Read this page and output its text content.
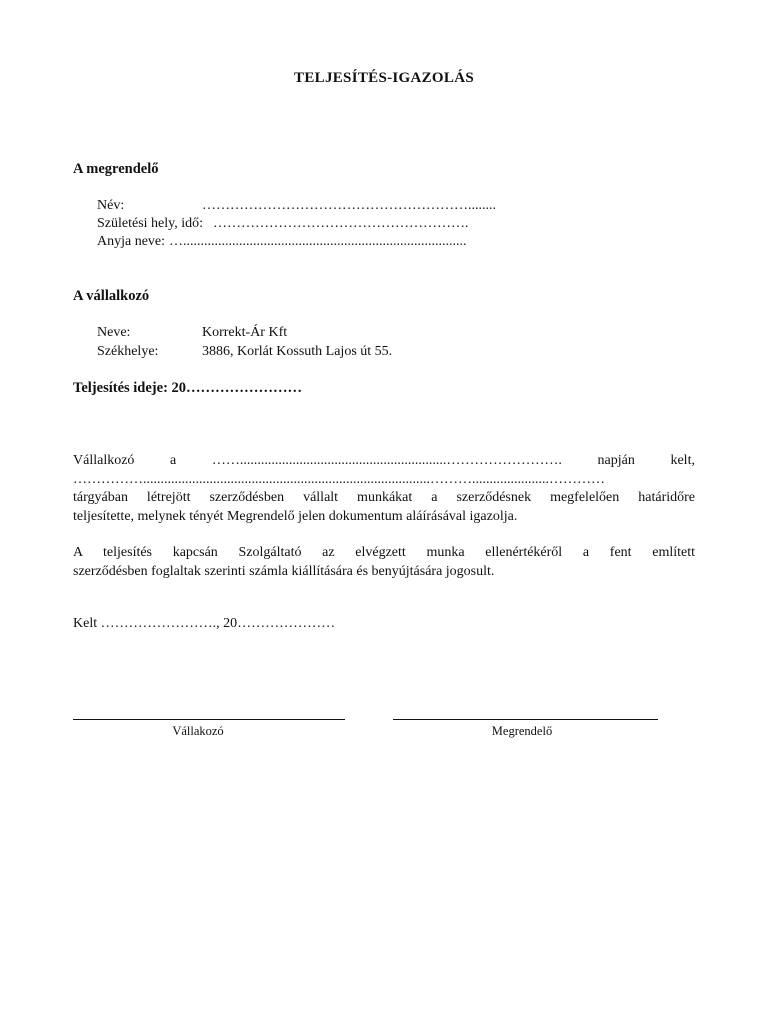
TELJESÍTÉS-IGAZOLÁS
A megrendelő
Név:	…………………………………………………........
Születési hely, idő: ……………………………………………….
Anyja neve: ….................................................................................
A vállalkozó
Neve:	Korrekt-Ár Kft
Székhelye:	3886, Korlát Kossuth Lajos út 55.
Teljesítés ideje: 20……………………
Vállalkozó	a	……...........................................................…………………….	napján	kelt,
……………..................................................................................………......................…………
tárgyában létrejött szerződésben vállalt munkákat a szerződésnek megfelelően határidőre
teljesítette, melynek tényét Megrendelő jelen dokumentum aláírásával igazolja.
A teljesítés kapcsán Szolgáltató az elvégzett munka ellenértékéről a fent említett
szerződésben foglaltak szerinti számla kiállítására és benyújtására jogosult.
Kelt ……………………., 20…………………
Vállakozó	Megrendelő
